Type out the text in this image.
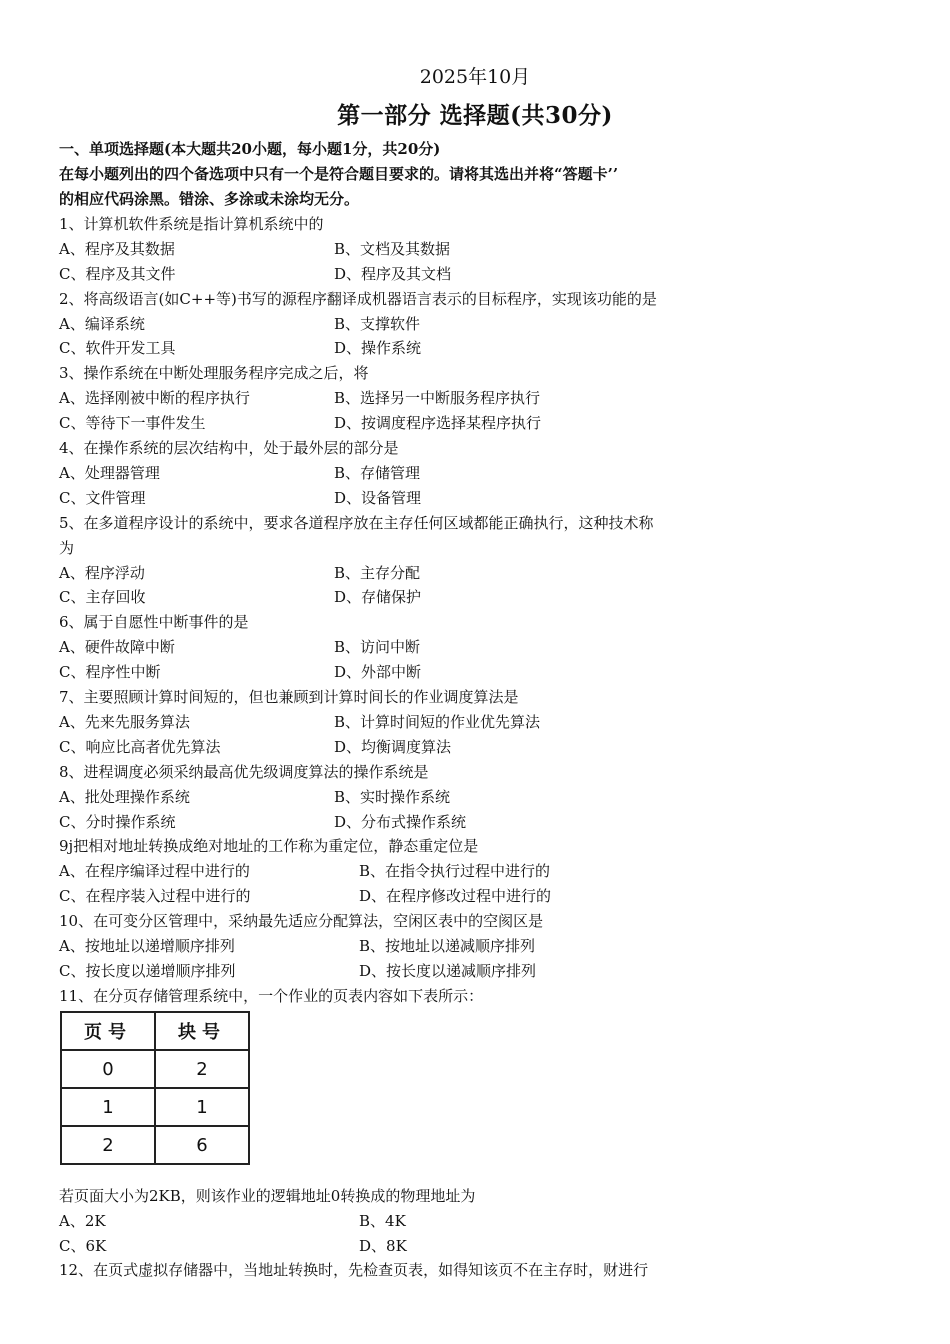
2025年10月
第一部分 选择题(共30分)
一、单项选择题(本大题共20小题，每小题1分，共20分)
在每小题列出的四个备选项中只有一个是符合题目要求的。请将其选出并将“答题卡’’
的相应代码涂黑。错涂、多涂或未涂均无分。
1、计算机软件系统是指计算机系统中的
A、程序及其数据	B、文档及其数据
C、程序及其文件	D、程序及其文档
2、将高级语言(如C++等)书写的源程序翻译成机器语言表示的目标程序，实现该功能的是
A、编译系统	B、支撑软件
C、软件开发工具	D、操作系统
3、操作系统在中断处理服务程序完成之后，将
A、选择刚被中断的程序执行	B、选择另一中断服务程序执行
C、等待下一事件发生	D、按调度程序选择某程序执行
4、在操作系统的层次结构中，处于最外层的部分是
A、处理器管理	B、存储管理
C、文件管理	D、设备管理
5、在多道程序设计的系统中，要求各道程序放在主存任何区域都能正确执行，这种技术称
为
A、程序浮动	B、主存分配
C、主存回收	D、存储保护
6、属于自愿性中断事件的是
A、硬件故障中断	B、访问中断
C、程序性中断	D、外部中断
7、主要照顾计算时间短的，但也兼顾到计算时间长的作业调度算法是
A、先来先服务算法	B、计算时间短的作业优先算法
C、响应比高者优先算法	D、均衡调度算法
8、进程调度必须采纳最高优先级调度算法的操作系统是
A、批处理操作系统	B、实时操作系统
C、分时操作系统	D、分布式操作系统
9j把相对地址转换成绝对地址的工作称为重定位，静态重定位是
A、在程序编译过程中进行的	B、在指令执行过程中进行的
C、在程序装入过程中进行的	D、在程序修改过程中进行的
10、在可变分区管理中，采纳最先适应分配算法，空闲区表中的空阂区是
A、按地址以递增顺序排列	B、按地址以递减顺序排列
C、按长度以递增顺序排列	D、按长度以递减顺序排列
11、在分页存储管理系统中，一个作业的页表内容如下表所示：
页号	块号
0	2
1	1
2	6
若页面大小为2KB，则该作业的逻辑地址0转换成的物理地址为
A、2K	B、4K
C、6K	D、8K
12、在页式虚拟存储器中，当地址转换时，先检查页表，如得知该页不在主存时，财进行
